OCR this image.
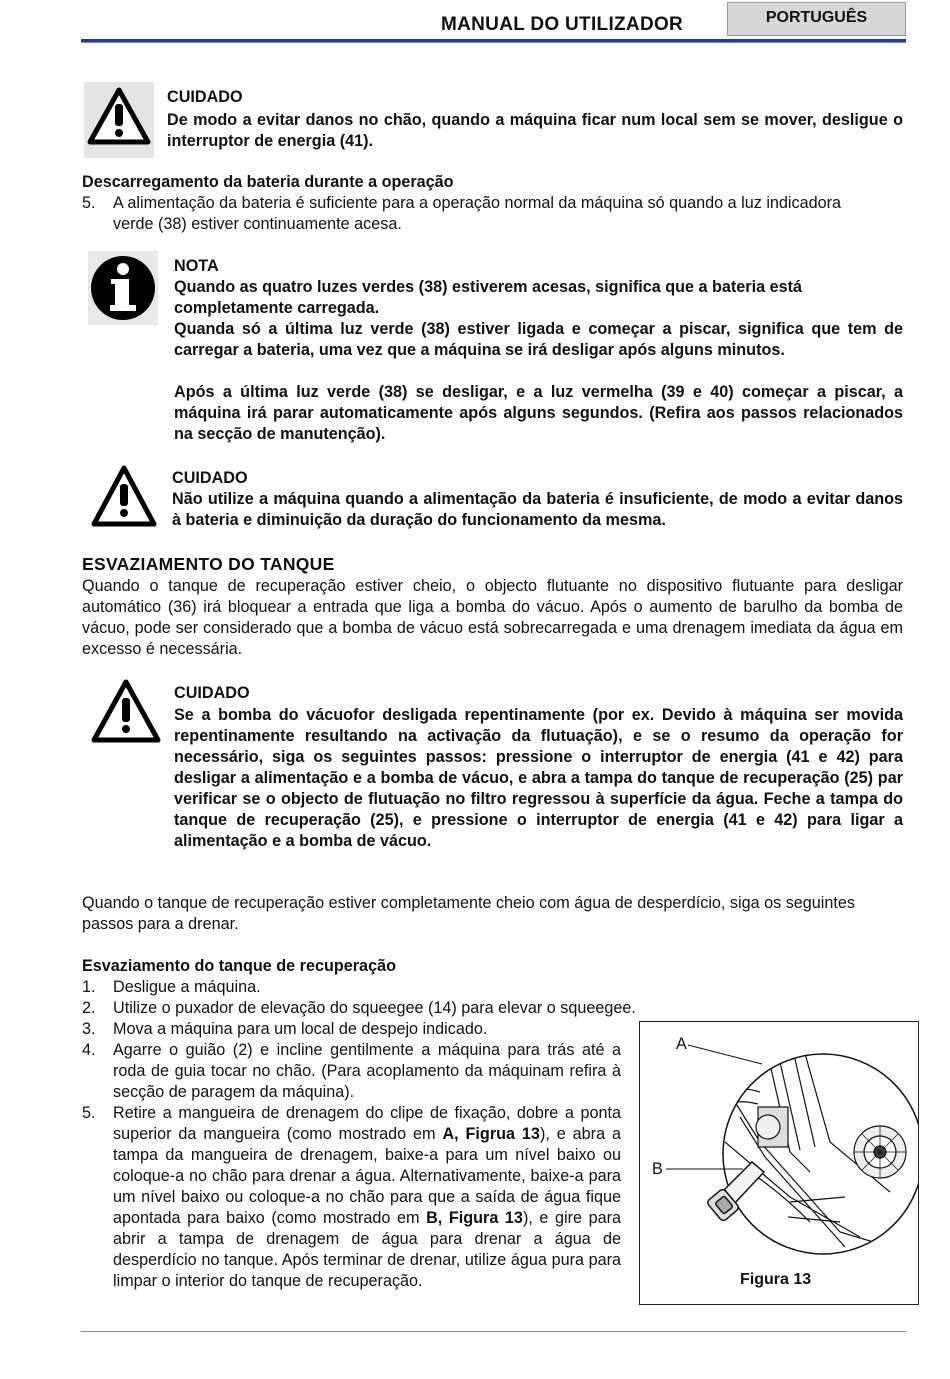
MANUAL DO UTILIZADOR	PORTUGUÊS
CUIDADO
De modo a evitar danos no chão, quando a máquina ficar num local sem se mover, desligue o interruptor de energia (41).
Descarregamento da bateria durante a operação
5. A alimentação da bateria é suficiente para a operação normal da máquina só quando a luz indicadora verde (38) estiver continuamente acesa.
NOTA
Quando as quatro luzes verdes (38) estiverem acesas, significa que a bateria está completamente carregada.
Quanda só a última luz verde (38) estiver ligada e começar a piscar, significa que tem de carregar a bateria, uma vez que a máquina se irá desligar após alguns minutos.
Após a última luz verde (38) se desligar, e a luz vermelha (39 e 40) começar a piscar, a máquina irá parar automaticamente após alguns segundos. (Refira aos passos relacionados na secção de manutenção).
CUIDADO
Não utilize a máquina quando a alimentação da bateria é insuficiente, de modo a evitar danos à bateria e diminuição da duração do funcionamento da mesma.
ESVAZIAMENTO DO TANQUE
Quando o tanque de recuperação estiver cheio, o objecto flutuante no dispositivo flutuante para desligar automático (36) irá bloquear a entrada que liga a bomba do vácuo. Após o aumento de barulho da bomba de vácuo, pode ser considerado que a bomba de vácuo está sobrecarregada e uma drenagem imediata da água em excesso é necessária.
CUIDADO
Se a bomba do vácuofor desligada repentinamente (por ex. Devido à máquina ser movida repentinamente resultando na activação da flutuação), e se o resumo da operação for necessário, siga os seguintes passos: pressione o interruptor de energia (41 e 42) para desligar a alimentação e a bomba de vácuo, e abra a tampa do tanque de recuperação (25) par verificar se o objecto de flutuação no filtro regressou à superfície da água. Feche a tampa do tanque de recuperação (25), e pressione o interruptor de energia (41 e 42) para ligar a alimentação e a bomba de vácuo.
Quando o tanque de recuperação estiver completamente cheio com água de desperdício, siga os seguintes passos para a drenar.
Esvaziamento do tanque de recuperação
1. Desligue a máquina.
2. Utilize o puxador de elevação do squeegee (14) para elevar o squeegee.
3. Mova a máquina para um local de despejo indicado.
4. Agarre o guião (2) e incline gentilmente a máquina para trás até a roda de guia tocar no chão. (Para acoplamento da máquinam refira à secção de paragem da máquina).
5. Retire a mangueira de drenagem do clipe de fixação, dobre a ponta superior da mangueira (como mostrado em A, Figrua 13), e abra a tampa da mangueira de drenagem, baixe-a para um nível baixo ou coloque-a no chão para drenar a água. Alternativamente, baixe-a para um nível baixo ou coloque-a no chão para que a saída de água fique apontada para baixo (como mostrado em B, Figura 13), e gire para abrir a tampa de drenagem de água para drenar a água de desperdício no tanque. Após terminar de drenar, utilize água pura para limpar o interior do tanque de recuperação.
A
B
Figura 13
